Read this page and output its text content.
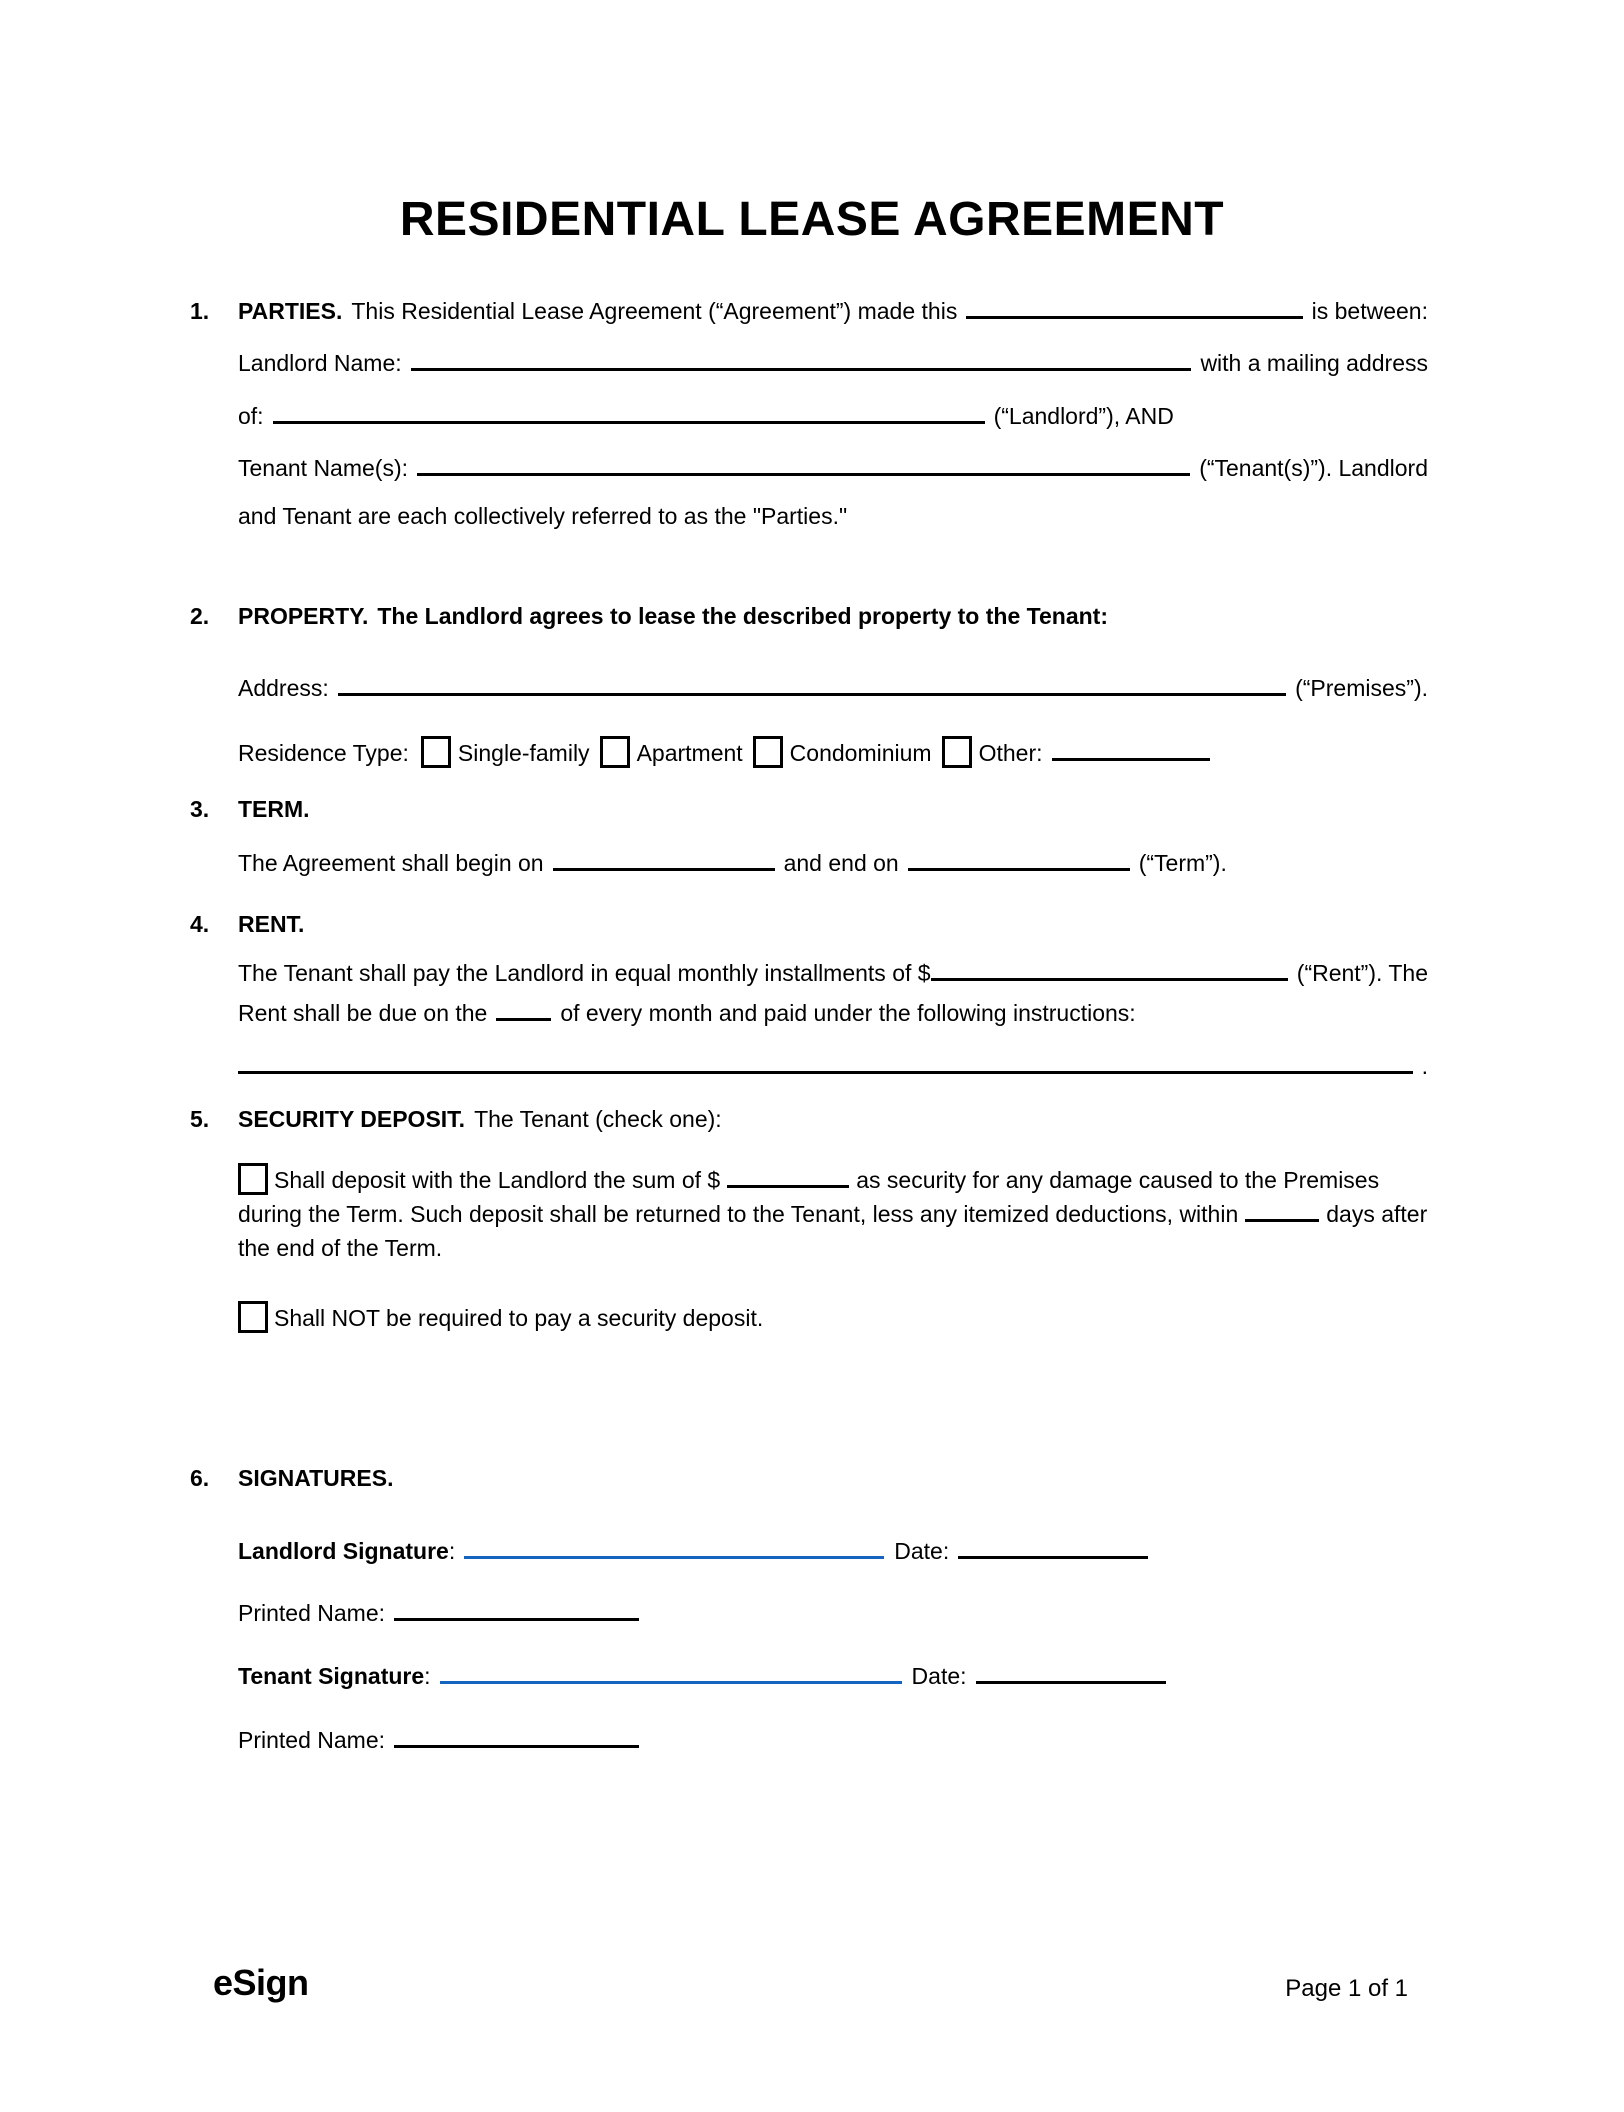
RESIDENTIAL LEASE AGREEMENT
1.	PARTIES. This Residential Lease Agreement (“Agreement”) made this	is between:
Landlord Name:	with a mailing address
of:	(“Landlord”), AND
Tenant Name(s):	(“Tenant(s)”). Landlord
and Tenant are each collectively referred to as the "Parties."
2. PROPERTY. The Landlord agrees to lease the described property to the Tenant:
Address:	(“Premises”).
Residence Type: Single-family Apartment Condominium Other:
3. TERM.
The Agreement shall begin on	and end on	(“Term”).
4. RENT.
The Tenant shall pay the Landlord in equal monthly installments of $	(“Rent”). The
Rent shall be due on the	of every month and paid under the following instructions:
.
5. SECURITY DEPOSIT. The Tenant (check one):
Shall deposit with the Landlord the sum of $	as security for any damage caused to the Premises during the Term. Such deposit shall be returned to the Tenant, less any itemized deductions, within	days after the end of the Term.
Shall NOT be required to pay a security deposit.
6. SIGNATURES.
Landlord Signature:	Date:
Printed Name:
Tenant Signature:	Date:
Printed Name:
eSign	Page 1 of 1
